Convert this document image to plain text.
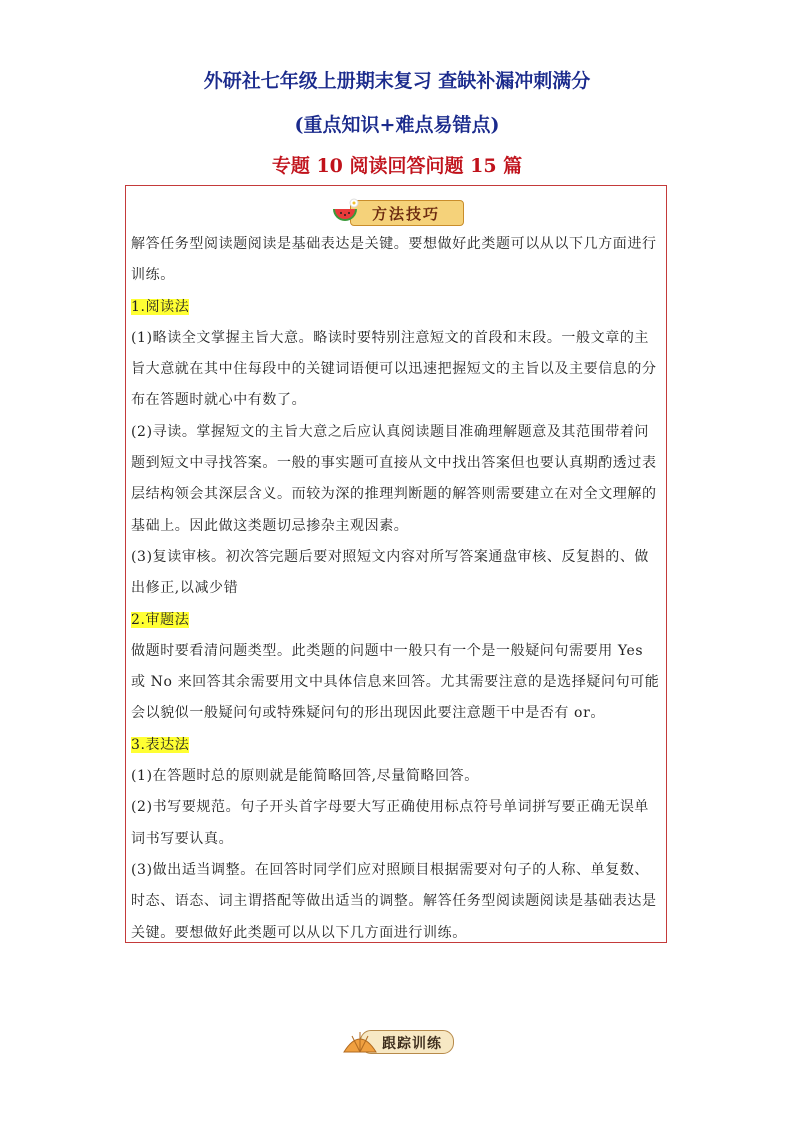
外研社七年级上册期末复习 查缺补漏冲刺满分
(重点知识+难点易错点)
专题 10 阅读回答问题 15 篇
方法技巧

解答任务型阅读题阅读是基础表达是关键。要想做好此类题可以从以下几方面进行训练。

1.阅读法

(1)略读全文掌握主旨大意。略读时要特别注意短文的首段和末段。一般文章的主旨大意就在其中住每段中的关键词语便可以迅速把握短文的主旨以及主要信息的分布在答题时就心中有数了。

(2)寻读。掌握短文的主旨大意之后应认真阅读题目准确理解题意及其范围带着问题到短文中寻找答案。一般的事实题可直接从文中找出答案但也要认真期酌透过表层结构领会其深层含义。而较为深的推理判断题的解答则需要建立在对全文理解的基础上。因此做这类题切忌掺杂主观因素。

(3)复读审核。初次答完题后要对照短文内容对所写答案通盘审核、反复斟的、做出修正,以减少错

2.审题法

做题时要看清问题类型。此类题的问题中一般只有一个是一般疑问句需要用 Yes 或 No 来回答其余需要用文中具体信息来回答。尤其需要注意的是选择疑问句可能会以貌似一般疑问句或特殊疑问句的形出现因此要注意题干中是否有 or。

3.表达法

(1)在答题时总的原则就是能简略回答,尽量简略回答。

(2)书写要规范。句子开头首字母要大写正确使用标点符号单词拼写要正确无误单词书写要认真。

(3)做出适当调整。在回答时同学们应对照顾目根据需要对句子的人称、单复数、时态、语态、词主谓搭配等做出适当的调整。解答任务型阅读题阅读是基础表达是关键。要想做好此类题可以从以下几方面进行训练。

跟踪训练
